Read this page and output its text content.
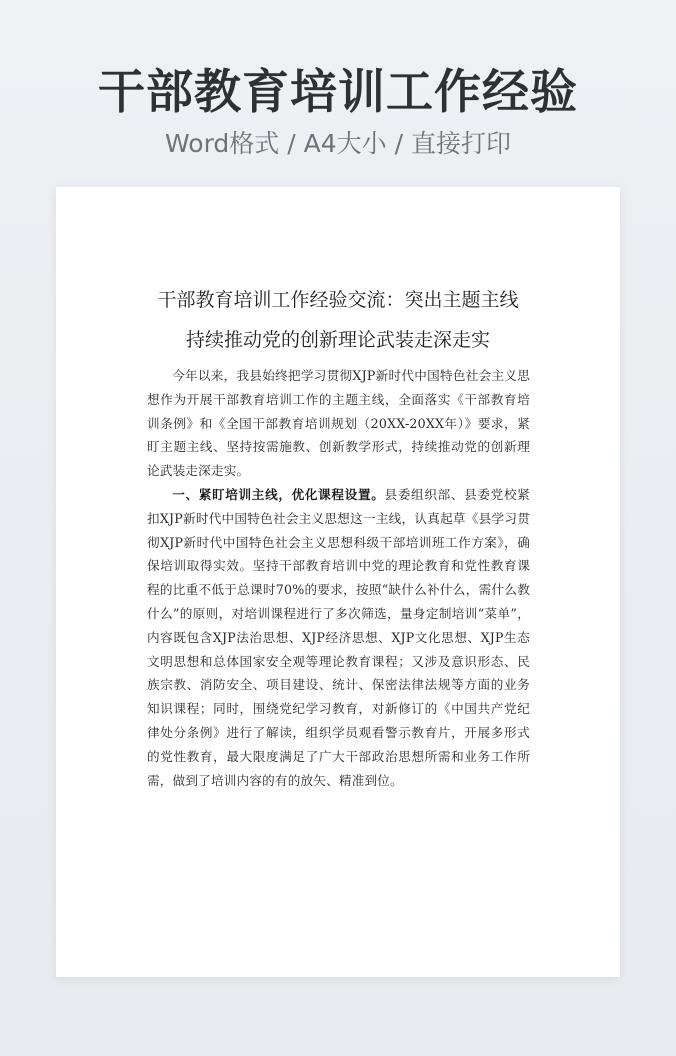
干部教育培训工作经验
Word格式 / A4大小 / 直接打印
干部教育培训工作经验交流：突出主题主线
持续推动党的创新理论武装走深走实

今年以来，我县始终把学习贯彻XJP新时代中国特色社会主义思想作为开展干部教育培训工作的主题主线，全面落实《干部教育培训条例》和《全国干部教育培训规划（20XX-20XX年）》要求，紧盯主题主线、坚持按需施教、创新教学形式，持续推动党的创新理论武装走深走实。

一、紧盯培训主线，优化课程设置。县委组织部、县委党校紧扣XJP新时代中国特色社会主义思想这一主线，认真起草《县学习贯彻XJP新时代中国特色社会主义思想科级干部培训班工作方案》，确保培训取得实效。坚持干部教育培训中党的理论教育和党性教育课程的比重不低于总课时70%的要求，按照“缺什么补什么，需什么教什么”的原则，对培训课程进行了多次筛选，量身定制培训“菜单”，内容既包含XJP法治思想、XJP经济思想、XJP文化思想、XJP生态文明思想和总体国家安全观等理论教育课程；又涉及意识形态、民族宗教、消防安全、项目建设、统计、保密法律法规等方面的业务知识课程；同时，围绕党纪学习教育，对新修订的《中国共产党纪律处分条例》进行了解读，组织学员观看警示教育片，开展多形式的党性教育，最大限度满足了广大干部政治思想所需和业务工作所需，做到了培训内容的有的放矢、精准到位。
